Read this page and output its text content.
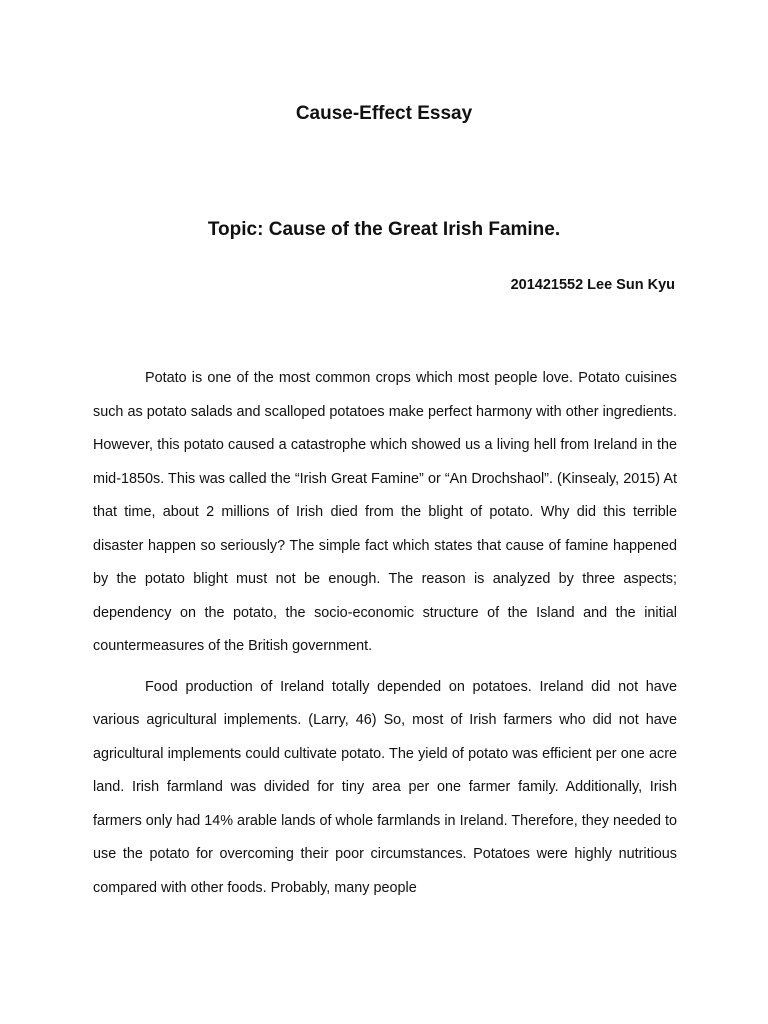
Cause-Effect Essay
Topic: Cause of the Great Irish Famine.

201421552 Lee Sun Kyu

Potato is one of the most common crops which most people love. Potato cuisines such as potato salads and scalloped potatoes make perfect harmony with other ingredients. However, this potato caused a catastrophe which showed us a living hell from Ireland in the mid-1850s. This was called the “Irish Great Famine” or “An Drochshaol”. (Kinsealy, 2015) At that time, about 2 millions of Irish died from the blight of potato. Why did this terrible disaster happen so seriously? The simple fact which states that cause of famine happened by the potato blight must not be enough. The reason is analyzed by three aspects; dependency on the potato, the socio-economic structure of the Island and the initial countermeasures of the British government.

Food production of Ireland totally depended on potatoes. Ireland did not have various agricultural implements. (Larry, 46) So, most of Irish farmers who did not have agricultural implements could cultivate potato. The yield of potato was efficient per one acre land. Irish farmland was divided for tiny area per one farmer family. Additionally, Irish farmers only had 14% arable lands of whole farmlands in Ireland. Therefore, they needed to use the potato for overcoming their poor circumstances. Potatoes were highly nutritious compared with other foods. Probably, many people
